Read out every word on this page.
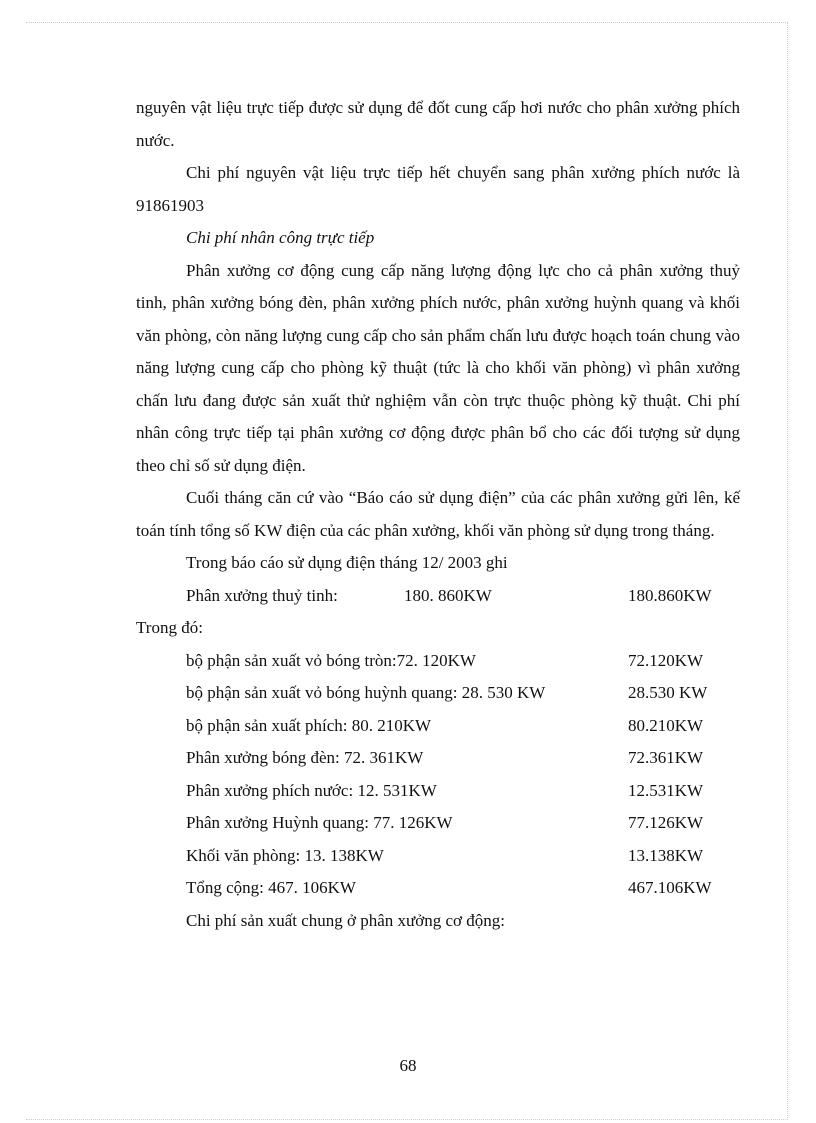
nguyên vật liệu trực tiếp được sử dụng để đốt cung cấp hơi nước cho phân xưởng phích nước.

Chi phí nguyên vật liệu trực tiếp hết chuyển sang phân xưởng phích nước là 91861903

Chi phí nhân công trực tiếp

Phân xưởng cơ động cung cấp năng lượng động lực cho cả phân xưởng thuỷ tinh, phân xưởng bóng đèn, phân xưởng phích nước, phân xưởng huỳnh quang và khối văn phòng, còn năng lượng cung cấp cho sản phẩm chấn lưu được hoạch toán chung vào năng lượng cung cấp cho phòng kỹ thuật (tức là cho khối văn phòng) vì phân xưởng chấn lưu đang được sản xuất thử nghiệm vẫn còn trực thuộc phòng kỹ thuật. Chi phí nhân công trực tiếp tại phân xưởng cơ động được phân bổ cho các đối tượng sử dụng theo chỉ số sử dụng điện.

Cuối tháng căn cứ vào “Báo cáo sử dụng điện” của các phân xưởng gửi lên, kế toán tính tổng số KW điện của các phân xưởng, khối văn phòng sử dụng trong tháng.

Trong báo cáo sử dụng điện tháng 12/ 2003 ghi

Phân xưởng thuỷ tinh:	180. 860KW	180.860KW
Trong đó:
bộ phận sản xuất vỏ bóng tròn:72. 120KW	72.120KW
bộ phận sản xuất vỏ bóng huỳnh quang: 28. 530 KW	28.530 KW
bộ phận sản xuất phích: 80. 210KW	80.210KW
Phân xưởng bóng đèn: 72. 361KW	72.361KW
Phân xưởng phích nước: 12. 531KW	12.531KW
Phân xưởng Huỳnh quang: 77. 126KW	77.126KW
Khối văn phòng: 13. 138KW	13.138KW
Tổng cộng: 467. 106KW	467.106KW

Chi phí sản xuất chung ở phân xưởng cơ động:

68
